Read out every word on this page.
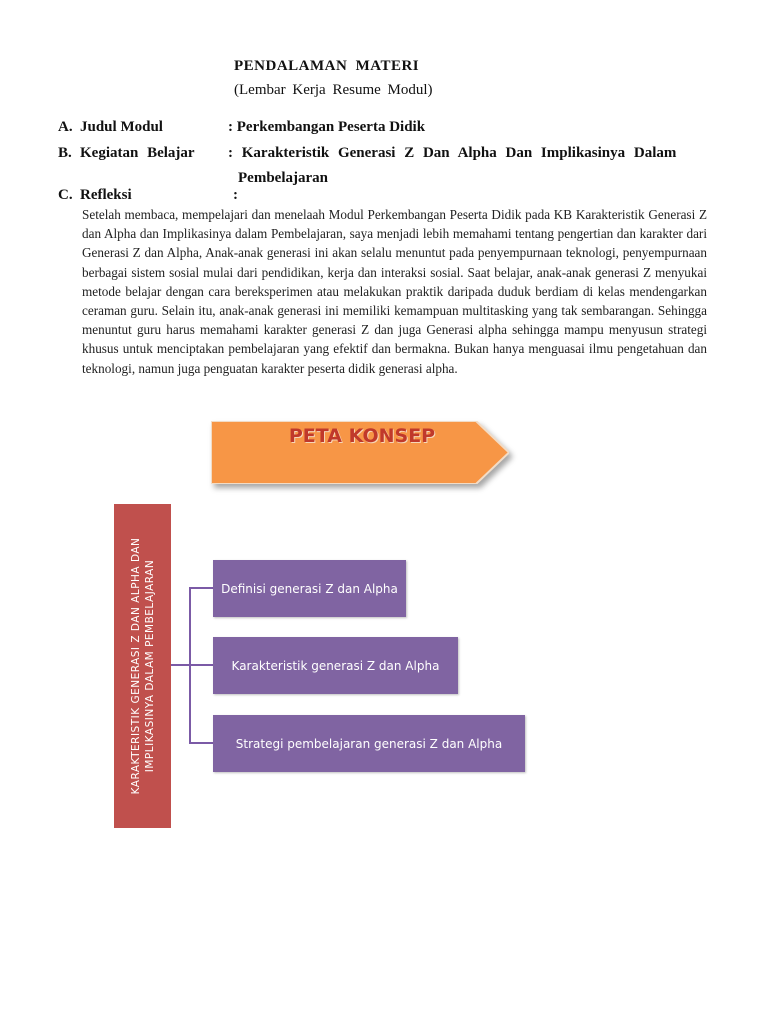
PENDALAMAN MATERI
(Lembar Kerja Resume Modul)
A. Judul Modul	: Perkembangan Peserta Didik
B. Kegiatan Belajar : Karakteristik Generasi Z Dan Alpha Dan Implikasinya Dalam
Pembelajaran
C. Refleksi	:
Setelah membaca, mempelajari dan menelaah Modul Perkembangan Peserta Didik pada KB Karakteristik Generasi Z dan Alpha dan Implikasinya dalam Pembelajaran, saya menjadi lebih memahami tentang pengertian dan karakter dari Generasi Z dan Alpha, Anak-anak generasi ini akan selalu menuntut pada penyempurnaan teknologi, penyempurnaan berbagai sistem sosial mulai dari pendidikan, kerja dan interaksi sosial. Saat belajar, anak-anak generasi Z menyukai metode belajar dengan cara bereksperimen atau melakukan praktik daripada duduk berdiam di kelas mendengarkan ceraman guru. Selain itu, anak-anak generasi ini memiliki kemampuan multitasking yang tak sembarangan. Sehingga menuntut guru harus memahami karakter generasi Z dan juga Generasi alpha sehingga mampu menyusun strategi khusus untuk menciptakan pembelajaran yang efektif dan bermakna. Bukan hanya menguasai ilmu pengetahuan dan teknologi, namun juga penguatan karakter peserta didik generasi alpha.
PETA KONSEP
KARAKTERISTIK GENERASI Z DAN ALPHA DAN IMPLIKASINYA DALAM PEMBELAJARAN	Definisi generasi Z dan Alpha
Karakteristik generasi Z dan Alpha
Strategi pembelajaran generasi Z dan Alpha
